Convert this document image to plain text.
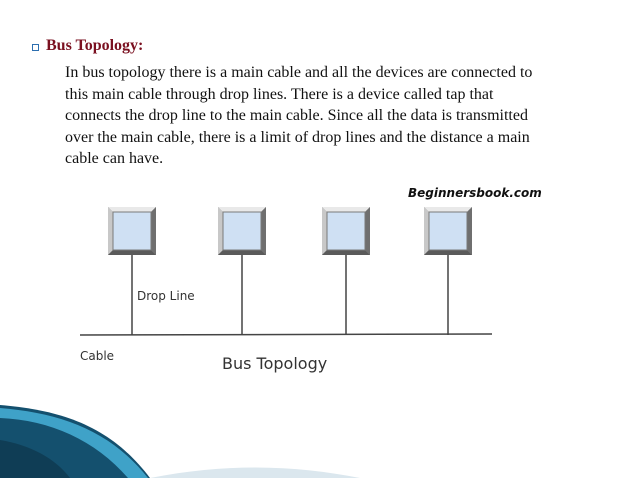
Bus Topology:
In bus topology there is a main cable and all the devices are connected to
this main cable through drop lines. There is a device called tap that
connects the drop line to the main cable. Since all the data is transmitted
over the main cable, there is a limit of drop lines and the distance a main
cable can have.
Beginnersbook.com
Drop Line
Cable	Bus Topology
